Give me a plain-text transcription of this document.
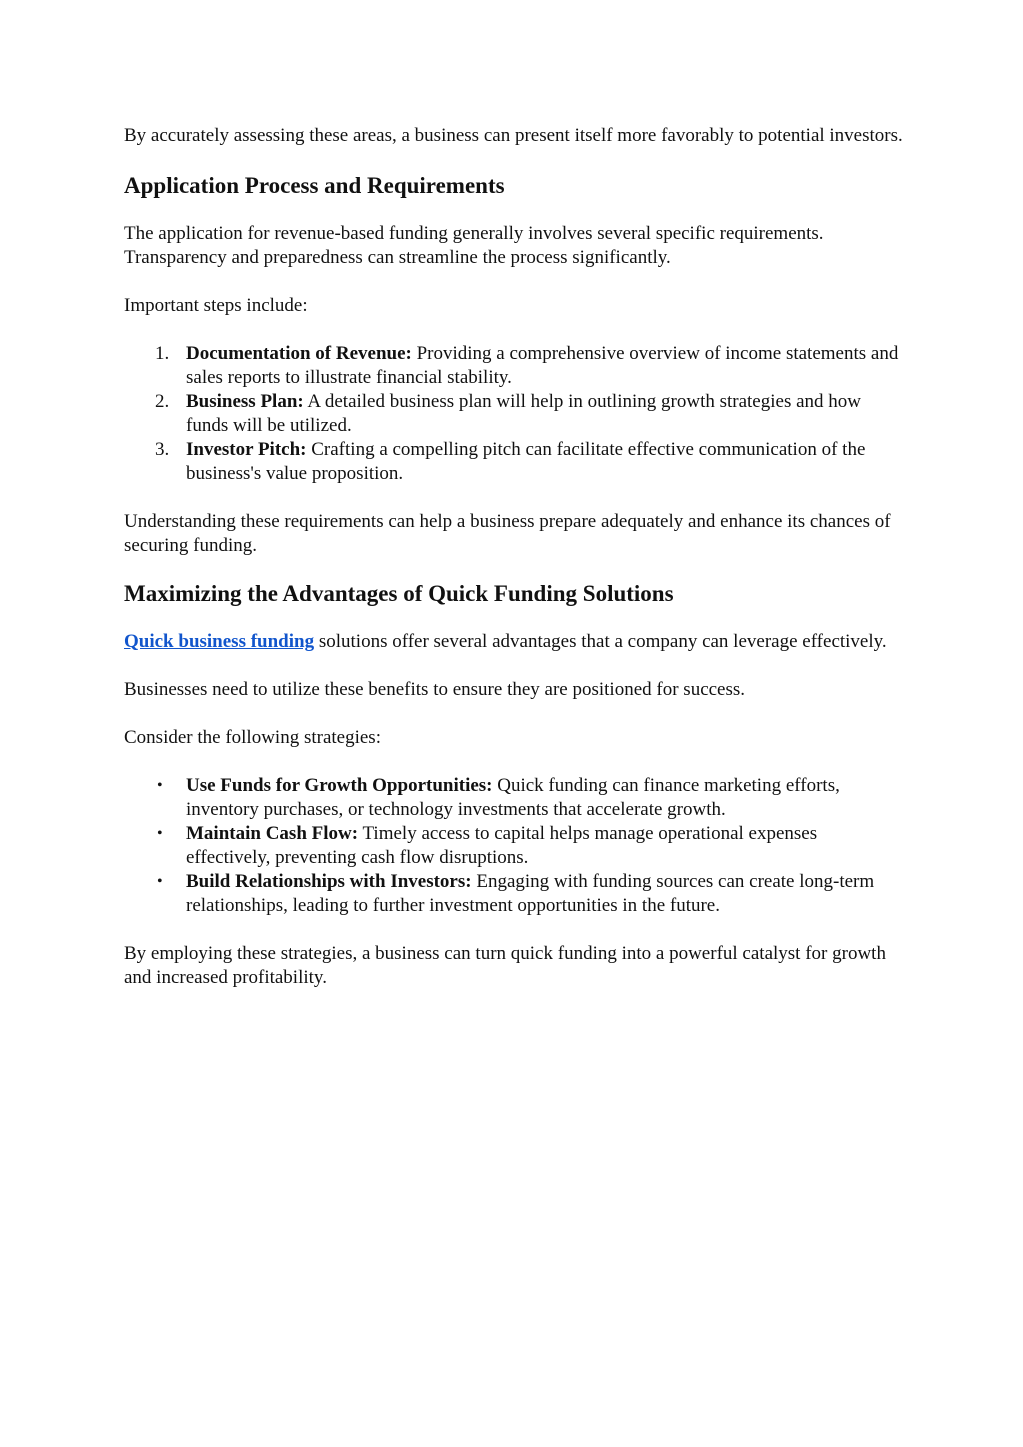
By accurately assessing these areas, a business can present itself more favorably to potential investors.

Application Process and Requirements

The application for revenue-based funding generally involves several specific requirements. Transparency and preparedness can streamline the process significantly.

Important steps include:

1. Documentation of Revenue: Providing a comprehensive overview of income statements and sales reports to illustrate financial stability.
2. Business Plan: A detailed business plan will help in outlining growth strategies and how funds will be utilized.
3. Investor Pitch: Crafting a compelling pitch can facilitate effective communication of the business's value proposition.

Understanding these requirements can help a business prepare adequately and enhance its chances of securing funding.

Maximizing the Advantages of Quick Funding Solutions

Quick business funding solutions offer several advantages that a company can leverage effectively.

Businesses need to utilize these benefits to ensure they are positioned for success.

Consider the following strategies:

• Use Funds for Growth Opportunities: Quick funding can finance marketing efforts, inventory purchases, or technology investments that accelerate growth.
• Maintain Cash Flow: Timely access to capital helps manage operational expenses effectively, preventing cash flow disruptions.
• Build Relationships with Investors: Engaging with funding sources can create long-term relationships, leading to further investment opportunities in the future.

By employing these strategies, a business can turn quick funding into a powerful catalyst for growth and increased profitability.
